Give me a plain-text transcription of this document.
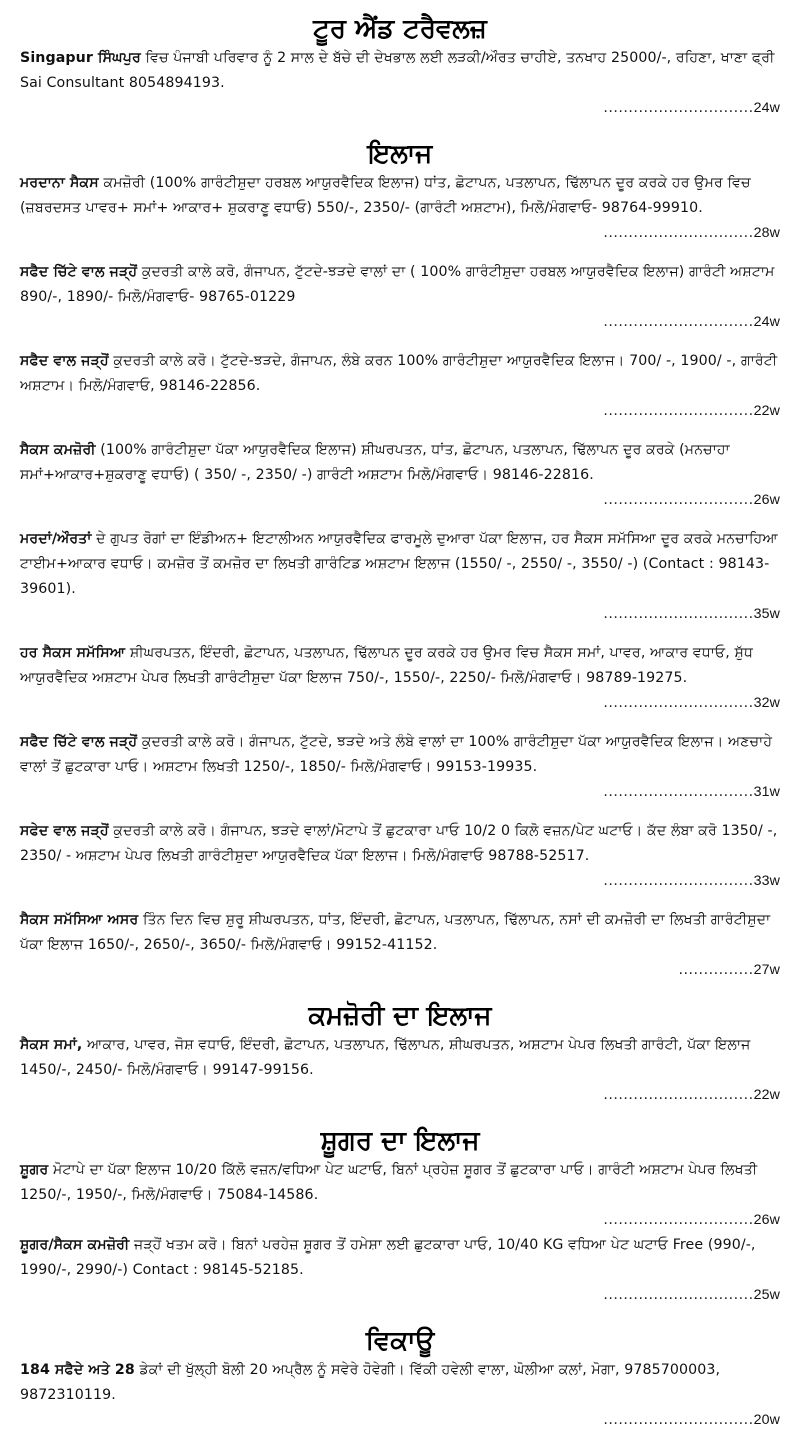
ਟੂਰ ਐਂਡ ਟਰੈਵਲਜ਼

Singapur ਸਿੰਘਪੁਰ ਵਿਚ ਪੰਜਾਬੀ ਪਰਿਵਾਰ ਨੂੰ 2 ਸਾਲ ਦੇ ਬੱਚੇ ਦੀ ਦੇਖਭਾਲ ਲਈ ਲੜਕੀ/ਔਰਤ ਚਾਹੀਏ, ਤਨਖਾਹ 25000/-, ਰਹਿਣਾ, ਖਾਣਾ ਫ੍ਰੀ Sai Consultant 8054894193.

.............................. 24w
ਇਲਾਜ

ਮਰਦਾਨਾ ਸੈਕਸ ਕਮਜ਼ੋਰੀ (100% ਗਾਰੰਟੀਸ਼ੁਦਾ ਹਰਬਲ ਆਯੁਰਵੈਦਿਕ ਇਲਾਜ) ਧਾਂਤ, ਛੋਟਾਪਨ, ਪਤਲਾਪਨ, ਢਿੱਲਾਪਨ ਦੂਰ ਕਰਕੇ ਹਰ ਉਮਰ ਵਿਚ (ਜ਼ਬਰਦਸਤ ਪਾਵਰ+ ਸਮਾਂ+ ਆਕਾਰ+ ਸ਼ੁਕਰਾਣੂ ਵਧਾਓ) 550/-, 2350/- (ਗਾਰੰਟੀ ਅਸ਼ਟਾਮ), ਮਿਲੋ/ਮੰਗਵਾਓ- 98764-99910.

.............................. 28w

ਸਫੈਦ ਚਿੱਟੇ ਵਾਲ ਜੜ੍ਹੋਂ ਕੁਦਰਤੀ ਕਾਲੇ ਕਰੋ, ਗੰਜਾਪਨ, ਟੁੱਟਦੇ-ਝੜਦੇ ਵਾਲਾਂ ਦਾ ( 100% ਗਾਰੰਟੀਸ਼ੁਦਾ ਹਰਬਲ ਆਯੁਰਵੈਦਿਕ ਇਲਾਜ) ਗਾਰੰਟੀ ਅਸ਼ਟਾਮ 890/-, 1890/- ਮਿਲੋ/ਮੰਗਵਾਓ- 98765-01229

.............................. 24w

ਸਫੈਦ ਵਾਲ ਜੜ੍ਹੋਂ ਕੁਦਰਤੀ ਕਾਲੇ ਕਰੋ। ਟੁੱਟਦੇ-ਝੜਦੇ, ਗੰਜਾਪਨ, ਲੰਬੇ ਕਰਨ 100% ਗਾਰੰਟੀਸ਼ੁਦਾ ਆਯੁਰਵੈਦਿਕ ਇਲਾਜ। 700/ -, 1900/ -, ਗਾਰੰਟੀ ਅਸ਼ਟਾਮ। ਮਿਲੋ/ਮੰਗਵਾਓ, 98146-22856.

.............................. 22w

ਸੈਕਸ ਕਮਜ਼ੋਰੀ (100% ਗਾਰੰਟੀਸ਼ੁਦਾ ਪੱਕਾ ਆਯੁਰਵੈਦਿਕ ਇਲਾਜ) ਸ਼ੀਘਰਪਤਨ, ਧਾਂਤ, ਛੋਟਾਪਨ, ਪਤਲਾਪਨ, ਢਿੱਲਾਪਨ ਦੂਰ ਕਰਕੇ (ਮਨਚਾਹਾ ਸਮਾਂ+ਆਕਾਰ+ਸ਼ੁਕਰਾਣੂ ਵਧਾਓ) ( 350/ -, 2350/ -) ਗਾਰੰਟੀ ਅਸ਼ਟਾਮ ਮਿਲੋ/ਮੰਗਵਾਓ। 98146-22816.

.............................. 26w

ਮਰਦਾਂ/ਔਰਤਾਂ ਦੇ ਗੁਪਤ ਰੋਗਾਂ ਦਾ ਇੰਡੀਅਨ+ ਇਟਾਲੀਅਨ ਆਯੁਰਵੈਦਿਕ ਫਾਰਮੂਲੇ ਦੁਆਰਾ ਪੱਕਾ ਇਲਾਜ, ਹਰ ਸੈਕਸ ਸਮੱਸਿਆ ਦੂਰ ਕਰਕੇ ਮਨਚਾਹਿਆ ਟਾਈਮ+ਆਕਾਰ ਵਧਾਓ। ਕਮਜ਼ੋਰ ਤੋਂ ਕਮਜ਼ੋਰ ਦਾ ਲਿਖਤੀ ਗਾਰੰਟਿਡ ਅਸ਼ਟਾਮ ਇਲਾਜ (1550/ -, 2550/ -, 3550/ -) (Contact : 98143-39601).

.............................. 35w

ਹਰ ਸੈਕਸ ਸਮੱਸਿਆ ਸ਼ੀਘਰਪਤਨ, ਇੰਦਰੀ, ਛੋਟਾਪਨ, ਪਤਲਾਪਨ, ਢਿੱਲਾਪਨ ਦੂਰ ਕਰਕੇ ਹਰ ਉਮਰ ਵਿਚ ਸੈਕਸ ਸਮਾਂ, ਪਾਵਰ, ਆਕਾਰ ਵਧਾਓ, ਸ਼ੁੱਧ ਆਯੁਰਵੈਦਿਕ ਅਸ਼ਟਾਮ ਪੇਪਰ ਲਿਖਤੀ ਗਾਰੰਟੀਸ਼ੁਦਾ ਪੱਕਾ ਇਲਾਜ 750/-, 1550/-, 2250/- ਮਿਲੋ/ਮੰਗਵਾਓ। 98789-19275.

.............................. 32w

ਸਫੈਦ ਚਿੱਟੇ ਵਾਲ ਜੜ੍ਹੋਂ ਕੁਦਰਤੀ ਕਾਲੇ ਕਰੋ। ਗੰਜਾਪਨ, ਟੁੱਟਦੇ, ਝੜਦੇ ਅਤੇ ਲੰਬੇ ਵਾਲਾਂ ਦਾ 100% ਗਾਰੰਟੀਸ਼ੁਦਾ ਪੱਕਾ ਆਯੁਰਵੈਦਿਕ ਇਲਾਜ। ਅਣਚਾਹੇ ਵਾਲਾਂ ਤੋਂ ਛੁਟਕਾਰਾ ਪਾਓ। ਅਸ਼ਟਾਮ ਲਿਖਤੀ 1250/-, 1850/- ਮਿਲੋ/ਮੰਗਵਾਓ। 99153-19935.

.............................. 31w

ਸਫੇਦ ਵਾਲ ਜੜ੍ਹੋਂ ਕੁਦਰਤੀ ਕਾਲੇ ਕਰੋ। ਗੰਜਾਪਨ, ਝੜਦੇ ਵਾਲਾਂ/ਮੋਟਾਪੇ ਤੋਂ ਛੁਟਕਾਰਾ ਪਾਓ 10/2 0 ਕਿਲੋ ਵਜ਼ਨ/ਪੇਟ ਘਟਾਓ। ਕੱਦ ਲੰਬਾ ਕਰੋ 1350/ -, 2350/ - ਅਸ਼ਟਾਮ ਪੇਪਰ ਲਿਖਤੀ ਗਾਰੰਟੀਸ਼ੁਦਾ ਆਯੁਰਵੈਦਿਕ ਪੱਕਾ ਇਲਾਜ। ਮਿਲੋ/ਮੰਗਵਾਓ 98788-52517.

.............................. 33w

ਸੈਕਸ ਸਮੱਸਿਆ ਅਸਰ ਤਿੰਨ ਦਿਨ ਵਿਚ ਸ਼ੁਰੂ ਸ਼ੀਘਰਪਤਨ, ਧਾਂਤ, ਇੰਦਰੀ, ਛੋਟਾਪਨ, ਪਤਲਾਪਨ, ਢਿੱਲਾਪਨ, ਨਸਾਂ ਦੀ ਕਮਜ਼ੋਰੀ ਦਾ ਲਿਖਤੀ ਗਾਰੰਟੀਸ਼ੁਦਾ ਪੱਕਾ ਇਲਾਜ 1650/-, 2650/-, 3650/- ਮਿਲੋ/ਮੰਗਵਾਓ। 99152-41152.

............... 27w
ਕਮਜ਼ੋਰੀ ਦਾ ਇਲਾਜ

ਸੈਕਸ ਸਮਾਂ, ਆਕਾਰ, ਪਾਵਰ, ਜੋਸ਼ ਵਧਾਓ, ਇੰਦਰੀ, ਛੋਟਾਪਨ, ਪਤਲਾਪਨ, ਢਿੱਲਾਪਨ, ਸ਼ੀਘਰਪਤਨ, ਅਸ਼ਟਾਮ ਪੇਪਰ ਲਿਖਤੀ ਗਾਰੰਟੀ, ਪੱਕਾ ਇਲਾਜ 1450/-, 2450/- ਮਿਲੋ/ਮੰਗਵਾਓ। 99147-99156.

.............................. 22w
ਸ਼ੂਗਰ ਦਾ ਇਲਾਜ

ਸ਼ੂਗਰ ਮੋਟਾਪੇ ਦਾ ਪੱਕਾ ਇਲਾਜ 10/20 ਕਿੱਲੋ ਵਜ਼ਨ/ਵਧਿਆ ਪੇਟ ਘਟਾਓ, ਬਿਨਾਂ ਪ੍ਰਹੇਜ਼ ਸ਼ੂਗਰ ਤੋਂ ਛੁਟਕਾਰਾ ਪਾਓ। ਗਾਰੰਟੀ ਅਸ਼ਟਾਮ ਪੇਪਰ ਲਿਖਤੀ 1250/-, 1950/-, ਮਿਲੋ/ਮੰਗਵਾਓ। 75084-14586.

.............................. 26w

ਸ਼ੂਗਰ/ਸੈਕਸ ਕਮਜ਼ੋਰੀ ਜੜ੍ਹੋਂ ਖਤਮ ਕਰੋ। ਬਿਨਾਂ ਪਰਹੇਜ਼ ਸ਼ੂਗਰ ਤੋਂ ਹਮੇਸ਼ਾ ਲਈ ਛੁਟਕਾਰਾ ਪਾਓ, 10/40 KG ਵਧਿਆ ਪੇਟ ਘਟਾਓ Free (990/-, 1990/-, 2990/-) Contact : 98145-52185.

.............................. 25w
ਵਿਕਾਊ

184 ਸਫੈਦੇ ਅਤੇ 28 ਡੇਕਾਂ ਦੀ ਖੁੱਲ੍ਹੀ ਬੋਲੀ 20 ਅਪ੍ਰੈਲ ਨੂੰ ਸਵੇਰੇ ਹੋਵੇਗੀ। ਵਿੱਕੀ ਹਵੇਲੀ ਵਾਲਾ, ਘੋਲੀਆ ਕਲਾਂ, ਮੋਗਾ, 9785700003, 9872310119.

.............................. 20w
